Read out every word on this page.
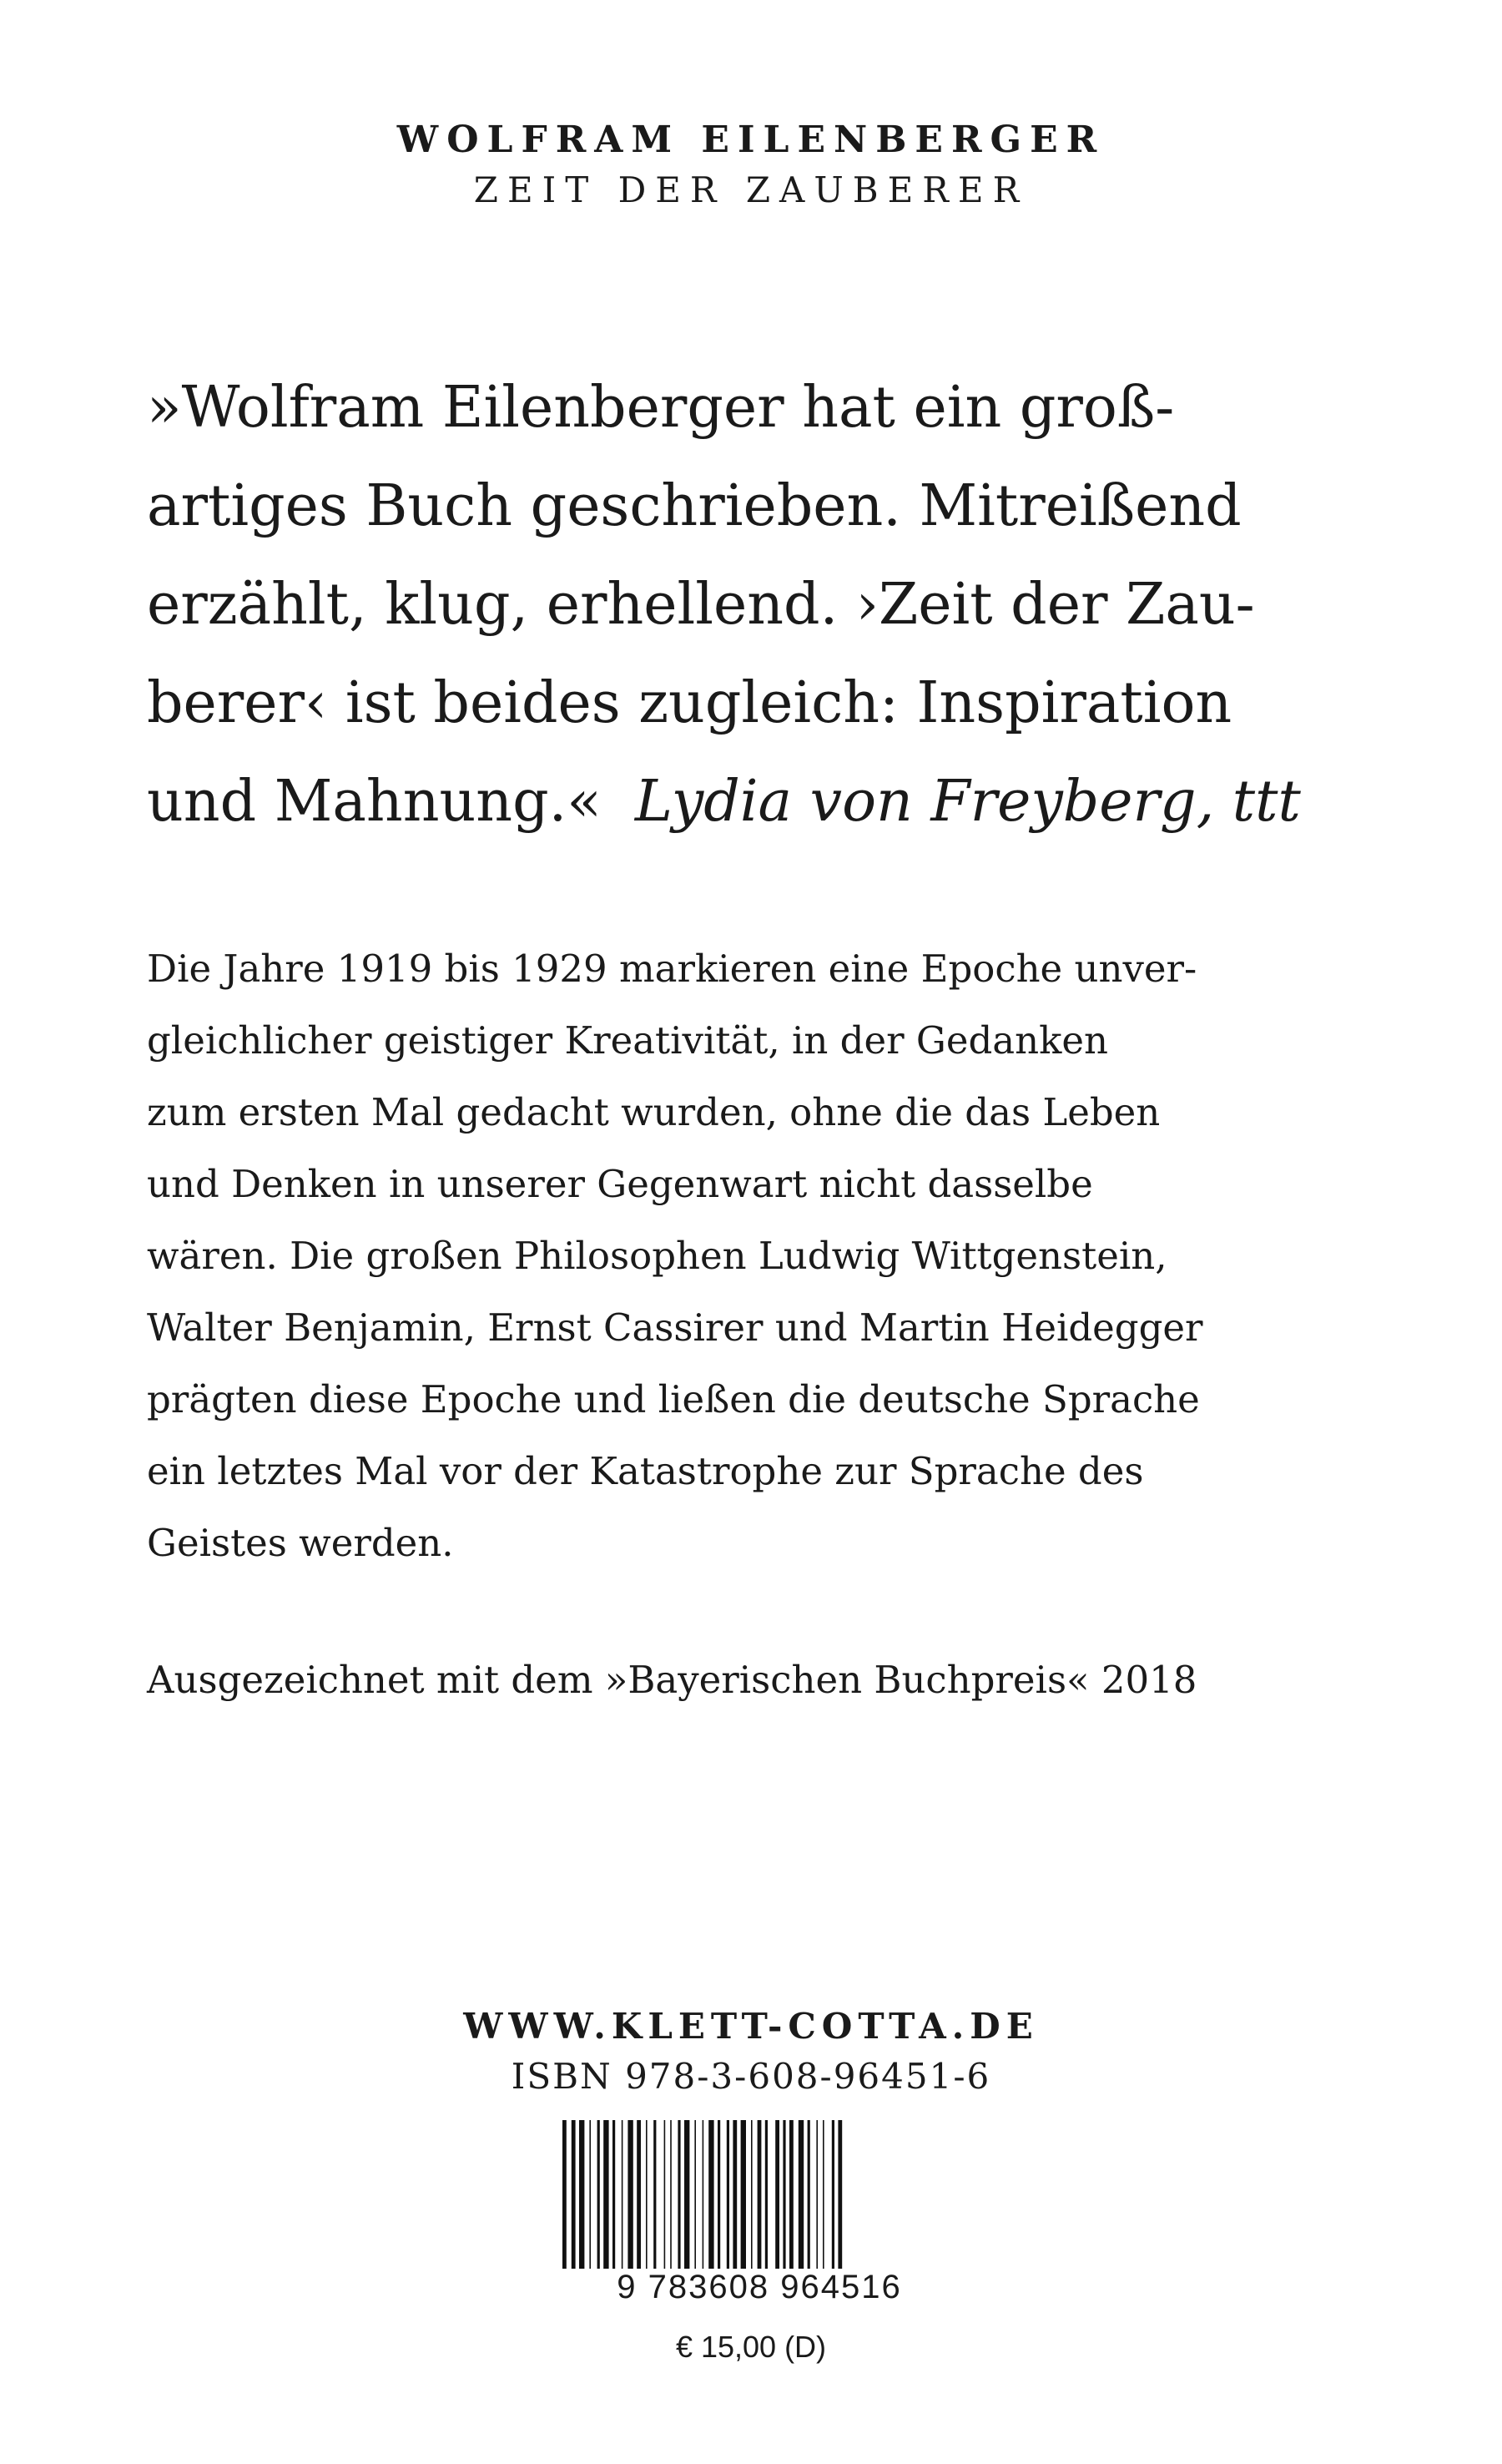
WOLFRAM EILENBERGER
ZEIT DER ZAUBERER
»Wolfram Eilenberger hat ein groß-
artiges Buch geschrieben. Mitreißend
erzählt, klug, erhellend. ›Zeit der Zau-
berer‹ ist beides zugleich: Inspiration
und Mahnung.« Lydia von Freyberg, ttt
Die Jahre 1919 bis 1929 markieren eine Epoche unver-
gleichlicher geistiger Kreativität, in der Gedanken
zum ersten Mal gedacht wurden, ohne die das Leben
und Denken in unserer Gegenwart nicht dasselbe
wären. Die großen Philosophen Ludwig Wittgenstein,
Walter Benjamin, Ernst Cassirer und Martin Heidegger
prägten diese Epoche und ließen die deutsche Sprache
ein letztes Mal vor der Katastrophe zur Sprache des
Geistes werden.
Ausgezeichnet mit dem »Bayerischen Buchpreis« 2018
WWW.KLETT-COTTA.DE
ISBN 978-3-608-96451-6
9 783608 964516
€ 15,00 (D)
